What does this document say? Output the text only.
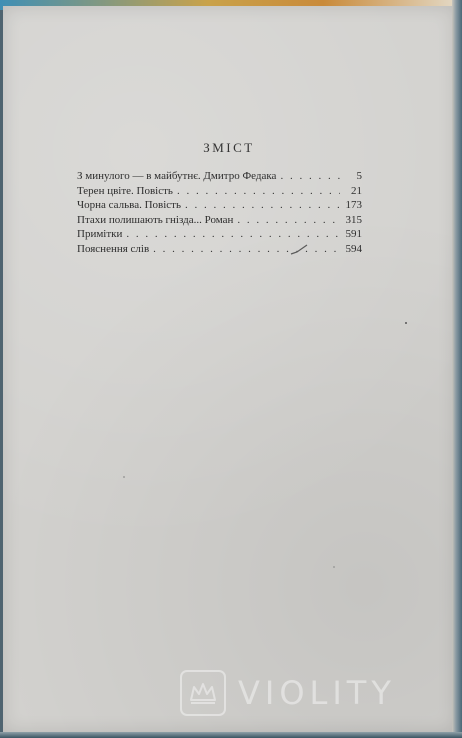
ЗМІСТ
З минулого — в майбутнє. Дмитро Федака . . .	5
Терен цвіте. Повість . . .	21
Чорна сальва. Повість . . .	173
Птахи полишають гнізда... Роман . . .	315
Примітки . . .	591
Пояснення слів . . .	594
VIOLITY
